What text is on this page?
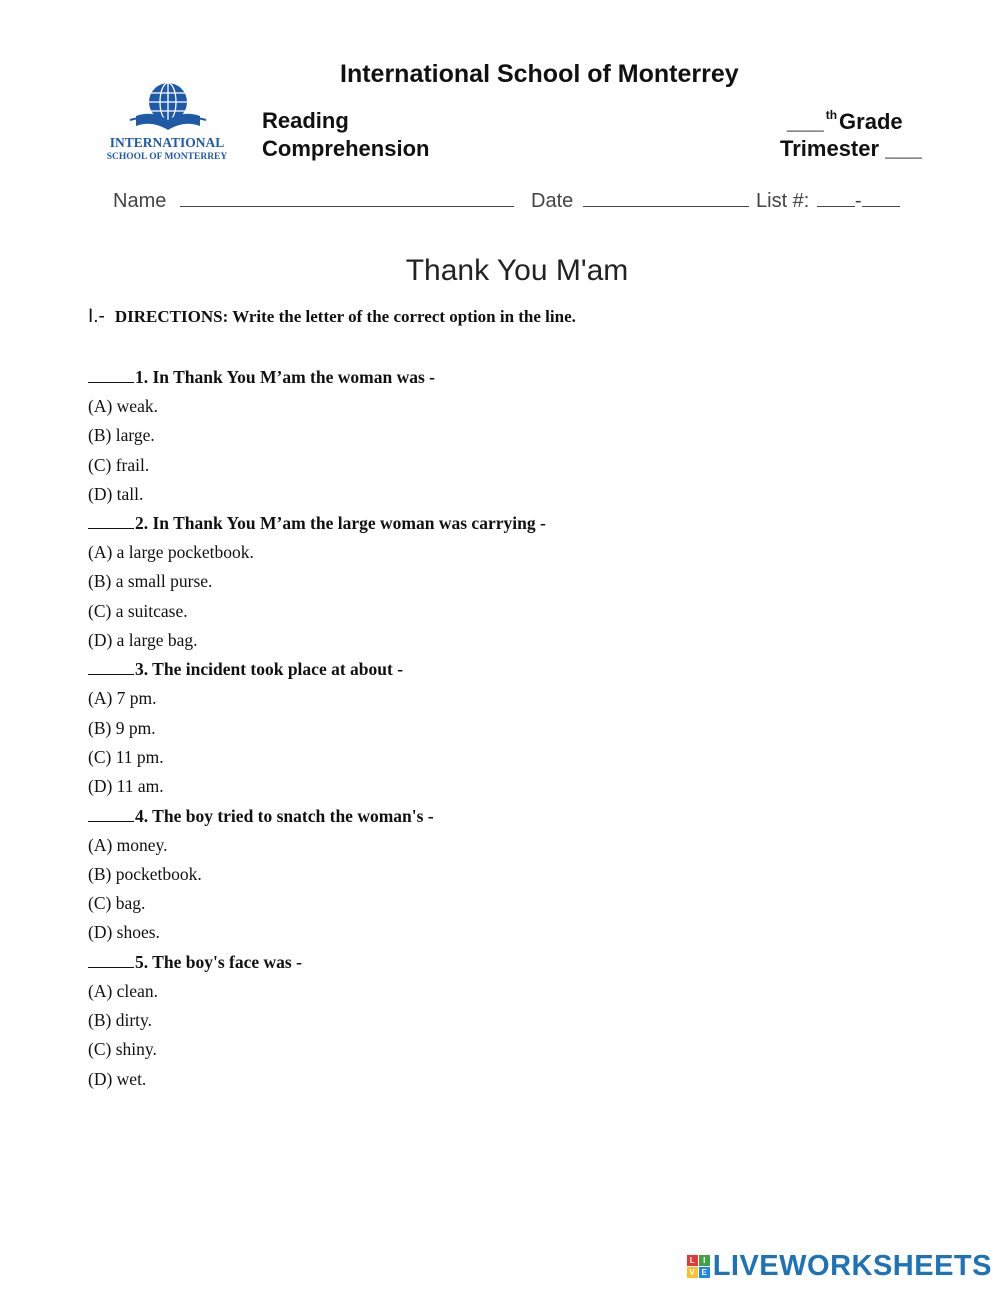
International School of Monterrey
INTERNATIONAL
SCHOOL OF MONTERREY
Reading
Comprehension
___ $^{th}$Grade
Trimester ___
Name	Date	List #: -
Thank You M'am
I.- DIRECTIONS: Write the letter of the correct option in the line.
1. In Thank You M’am the woman was -
(A) weak.
(B) large.
(C) frail.
(D) tall.
2. In Thank You M’am the large woman was carrying -
(A) a large pocketbook.
(B) a small purse.
(C) a suitcase.
(D) a large bag.
3. The incident took place at about -
(A) 7 pm.
(B) 9 pm.
(C) 11 pm.
(D) 11 am.
4. The boy tried to snatch the woman's -
(A) money.
(B) pocketbook.
(C) bag.
(D) shoes.
5. The boy's face was -
(A) clean.
(B) dirty.
(C) shiny.
(D) wet.
L	I
V E LIVEWORKSHEETS
